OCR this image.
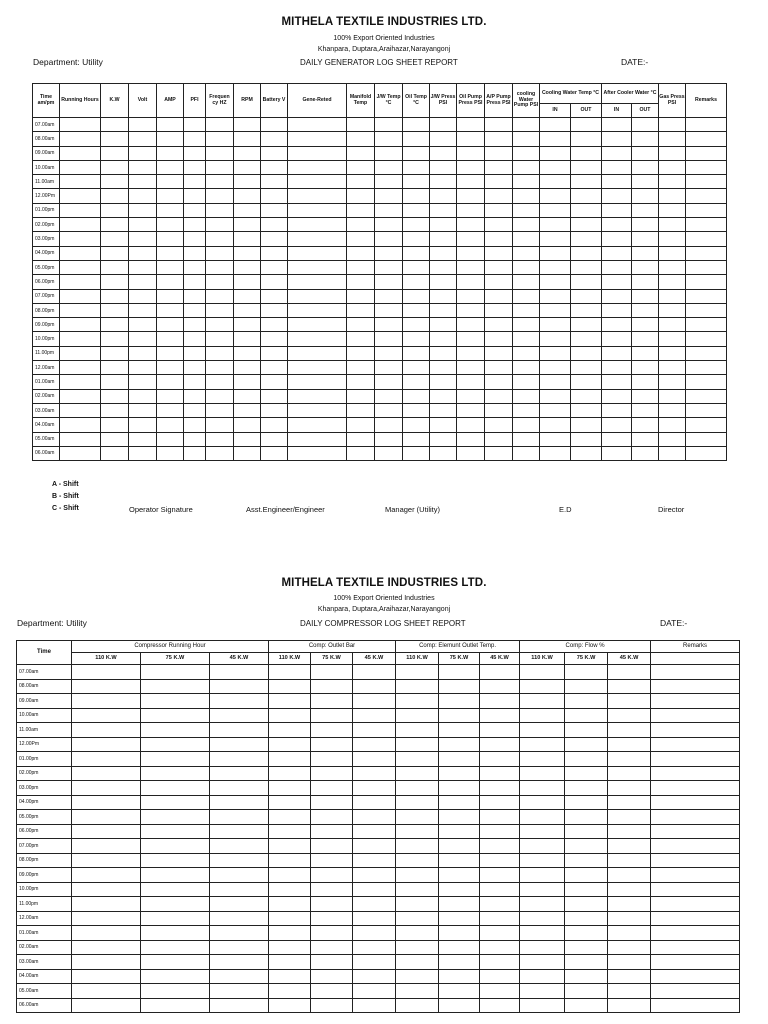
MITHELA TEXTILE INDUSTRIES LTD.
100% Export Oriented Industries
Khanpara, Duptara,Araihazar,Narayangonj
Department: Utility	DAILY GENERATOR LOG SHEET REPORT	DATE:-
Time am/pm	Running Hours	K.W	Volt	AMP	PFI	Frequen cy HZ	RPM	Battery V	Gene-Reted	Manifold Temp	J/W Temp °C	Oil Temp °C	J/W Press PSI	Oil Pump Press PSI	A/P Pump Press PSI	cooling Water Pump PSI	Cooling Water Temp °C		After Cooler Water °C		Gas Press PSI	Remarks
																	IN	OUT	IN	OUT		
07.00am																						
08.00am																						
09.00am																						
10.00am																						
11.00am																						
12.00Pm																						
01.00pm																						
02.00pm																						
03.00pm																						
04.00pm																						
05.00pm																						
06.00pm																						
07.00pm																						
08.00pm																						
09.00pm																						
10.00pm																						
11.00pm																						
12.00am																						
01.00am																						
02.00am																						
03.00am																						
04.00am																						
05.00am																						
06.00am																						
A - Shift
B - Shift
C - Shift	Operator Signature	Asst.Engineer/Engineer	Manager (Utility)	E.D	Director
MITHELA TEXTILE INDUSTRIES LTD.
100% Export Oriented Industries
Khanpara, Duptara,Araihazar,Narayangonj
Department: Utility	DAILY COMPRESSOR LOG SHEET REPORT	DATE:-
Time	Compressor Running Hour			Comp: Outlet Bar			Comp: Elemunt Outlet Temp.			Comp: Flow %			Remarks
	110 K.W	75 K.W	45 K.W	110 K.W	75 K.W	45 K.W	110 K.W	75 K.W	45 K.W	110 K.W	75 K.W	45 K.W	
07.00am													
08.00am													
09.00am													
10.00am													
11.00am													
12.00Pm													
01.00pm													
02.00pm													
03.00pm													
04.00pm													
05.00pm													
06.00pm													
07.00pm													
08.00pm													
09.00pm													
10.00pm													
11.00pm													
12.00am													
01.00am													
02.00am													
03.00am													
04.00am													
05.00am													
06.00am													
